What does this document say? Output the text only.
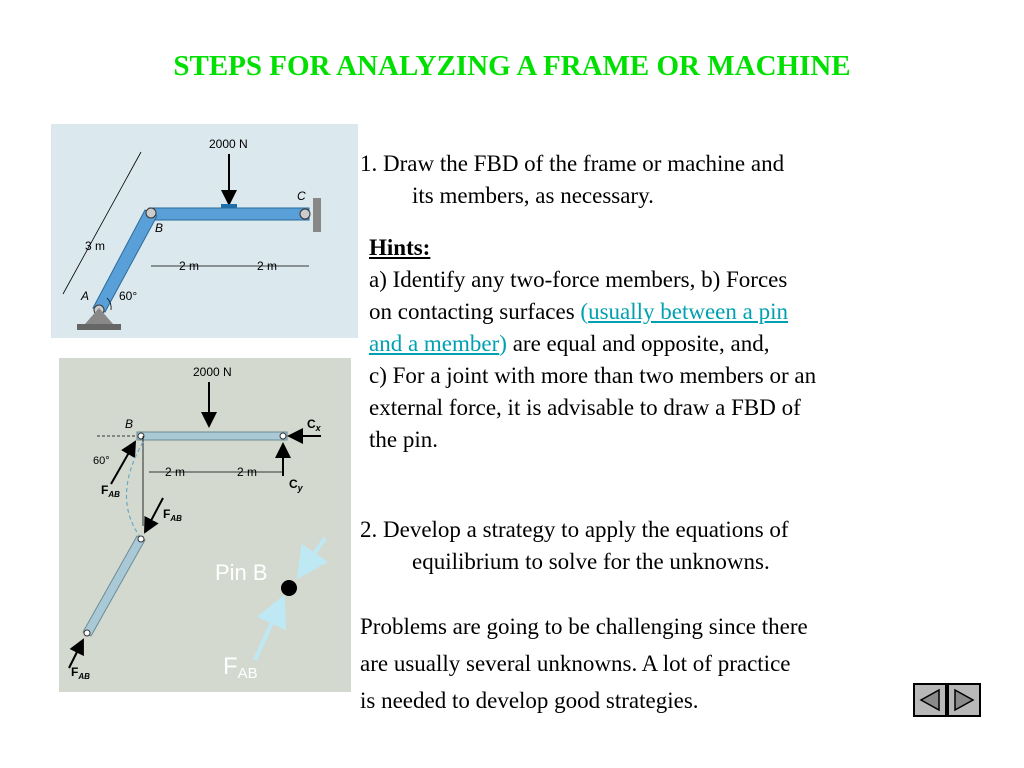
STEPS FOR ANALYZING A FRAME OR MACHINE
2000 N
B
C
A
3 m
2 m	2 m
60°
2000 N
B	$C_x$
$C_y$
60°
$F_{AB}$
2 m	2 m
$F_{AB}$
$F_{AB}$
Pin B
FAB
1. Draw the FBD of the frame or machine and
its members, as necessary.
Hints:
a) Identify any two-force members, b) Forces
on contacting surfaces (usually between a pin
and a member) are equal and opposite, and,
c) For a joint with more than two members or an
external force, it is advisable to draw a FBD of
the pin.
2. Develop a strategy to apply the equations of
equilibrium to solve for the unknowns.
Problems are going to be challenging since there
are usually several unknowns. A lot of practice
is needed to develop good strategies.
